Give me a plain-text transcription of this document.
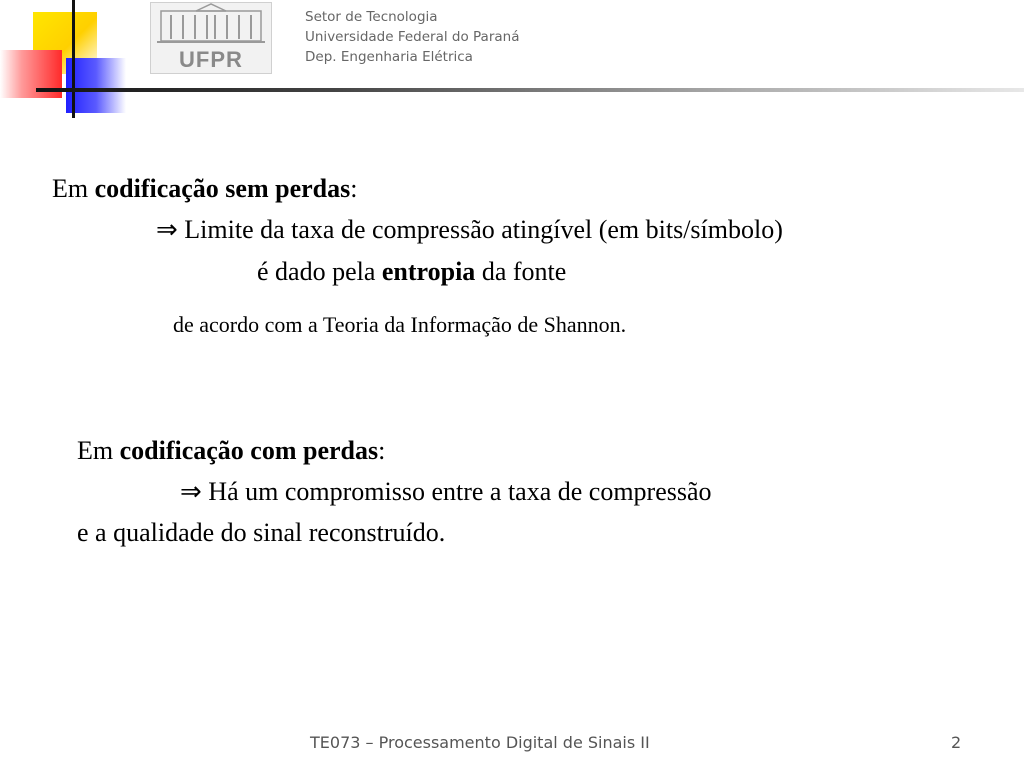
UFPR
Setor de Tecnologia
Universidade Federal do Paraná
Dep. Engenharia Elétrica
Em codificação sem perdas:
⇒ Limite da taxa de compressão atingível (em bits/símbolo)
é dado pela entropia da fonte
de acordo com a Teoria da Informação de Shannon.
Em codificação com perdas:
⇒ Há um compromisso entre a taxa de compressão
e a qualidade do sinal reconstruído.
TE073 – Processamento Digital de Sinais II	2
